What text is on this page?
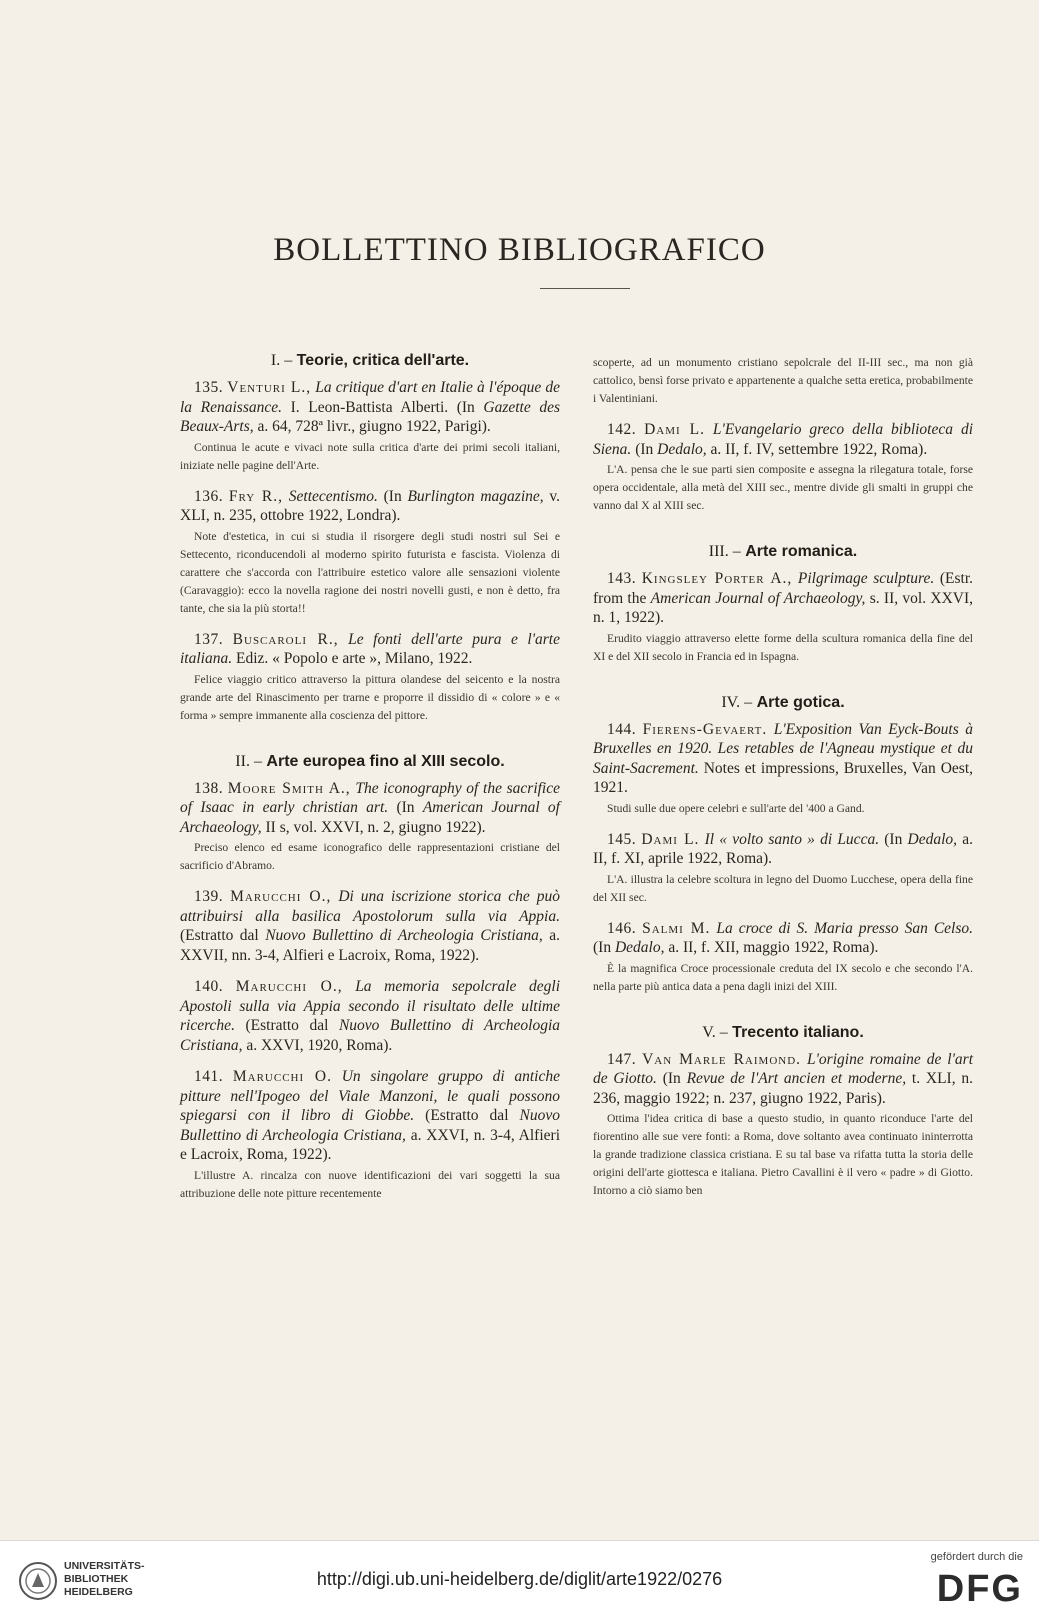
BOLLETTINO BIBLIOGRAFICO
I. – Teorie, critica dell'arte.

135. Venturi L., La critique d'art en Italie à l'époque de la Renaissance. I. Leon-Battista Alberti. (In Gazette des Beaux-Arts, a. 64, 728ª livr., giugno 1922, Parigi).

Continua le acute e vivaci note sulla critica d'arte dei primi secoli italiani, iniziate nelle pagine dell'Arte.

136. Fry R., Settecentismo. (In Burlington magazine, v. XLI, n. 235, ottobre 1922, Londra).

Note d'estetica, in cui si studia il risorgere degli studi nostri sul Sei e Settecento, riconducendoli al moderno spirito futurista e fascista. Violenza di carattere che s'accorda con l'attribuire estetico valore alle sensazioni violente (Caravaggio): ecco la novella ragione dei nostri novelli gusti, e non è detto, fra tante, che sia la più storta!!

137. Buscaroli R., Le fonti dell'arte pura e l'arte italiana. Ediz. « Popolo e arte », Milano, 1922.

Felice viaggio critico attraverso la pittura olandese del seicento e la nostra grande arte del Rinascimento per trarne e proporre il dissidio di « colore » e « forma » sempre immanente alla coscienza del pittore.

II. – Arte europea fino al XIII secolo.

138. Moore Smith A., The iconography of the sacrifice of Isaac in early christian art. (In American Journal of Archaeology, II s, vol. XXVI, n. 2, giugno 1922).

Preciso elenco ed esame iconografico delle rappresentazioni cristiane del sacrificio d'Abramo.

139. Marucchi O., Di una iscrizione storica che può attribuirsi alla basilica Apostolorum sulla via Appia. (Estratto dal Nuovo Bullettino di Archeologia Cristiana, a. XXVII, nn. 3-4, Alfieri e Lacroix, Roma, 1922).

140. Marucchi O., La memoria sepolcrale degli Apostoli sulla via Appia secondo il risultato delle ultime ricerche. (Estratto dal Nuovo Bullettino di Archeologia Cristiana, a. XXVI, 1920, Roma).

141. Marucchi O. Un singolare gruppo di antiche pitture nell'Ipogeo del Viale Manzoni, le quali possono spiegarsi con il libro di Giobbe. (Estratto dal Nuovo Bullettino di Archeologia Cristiana, a. XXVI, n. 3-4, Alfieri e Lacroix, Roma, 1922).

L'illustre A. rincalza con nuove identificazioni dei vari soggetti la sua attribuzione delle note pitture recentemente

scoperte, ad un monumento cristiano sepolcrale del II-III sec., ma non già cattolico, bensì forse privato e appartenente a qualche setta eretica, probabilmente i Valentiniani.

142. Dami L. L'Evangelario greco della biblioteca di Siena. (In Dedalo, a. II, f. IV, settembre 1922, Roma).

L'A. pensa che le sue parti sien composite e assegna la rilegatura totale, forse opera occidentale, alla metà del XIII sec., mentre divide gli smalti in gruppi che vanno dal X al XIII sec.

III. – Arte romanica.

143. Kingsley Porter A., Pilgrimage sculpture. (Estr. from the American Journal of Archaeology, s. II, vol. XXVI, n. 1, 1922).

Erudito viaggio attraverso elette forme della scultura romanica della fine del XI e del XII secolo in Francia ed in Ispagna.

IV. – Arte gotica.

144. Fierens-Gevaert. L'Exposition Van Eyck-Bouts à Bruxelles en 1920. Les retables de l'Agneau mystique et du Saint-Sacrement. Notes et impressions, Bruxelles, Van Oest, 1921.

Studi sulle due opere celebri e sull'arte del '400 a Gand.

145. Dami L. Il « volto santo » di Lucca. (In Dedalo, a. II, f. XI, aprile 1922, Roma).

L'A. illustra la celebre scoltura in legno del Duomo Lucchese, opera della fine del XII sec.

146. Salmi M. La croce di S. Maria presso San Celso. (In Dedalo, a. II, f. XII, maggio 1922, Roma).

È la magnifica Croce processionale creduta del IX secolo e che secondo l'A. nella parte più antica data a pena dagli inizi del XIII.

V. – Trecento italiano.

147. Van Marle Raimond. L'origine romaine de l'art de Giotto. (In Revue de l'Art ancien et moderne, t. XLI, n. 236, maggio 1922; n. 237, giugno 1922, Paris).

Ottima l'idea critica di base a questo studio, in quanto riconduce l'arte del fiorentino alle sue vere fonti: a Roma, dove soltanto avea continuato ininterrotta la grande tradizione classica cristiana. E su tal base va rifatta tutta la storia delle origini dell'arte giottesca e italiana. Pietro Cavallini è il vero « padre » di Giotto. Intorno a ciò siamo ben

UNIVERSITÄTS-
BIBLIOTHEK
HEIDELBERG
http://digi.ub.uni-heidelberg.de/diglit/arte1922/0276
gefördert durch die
DFG
